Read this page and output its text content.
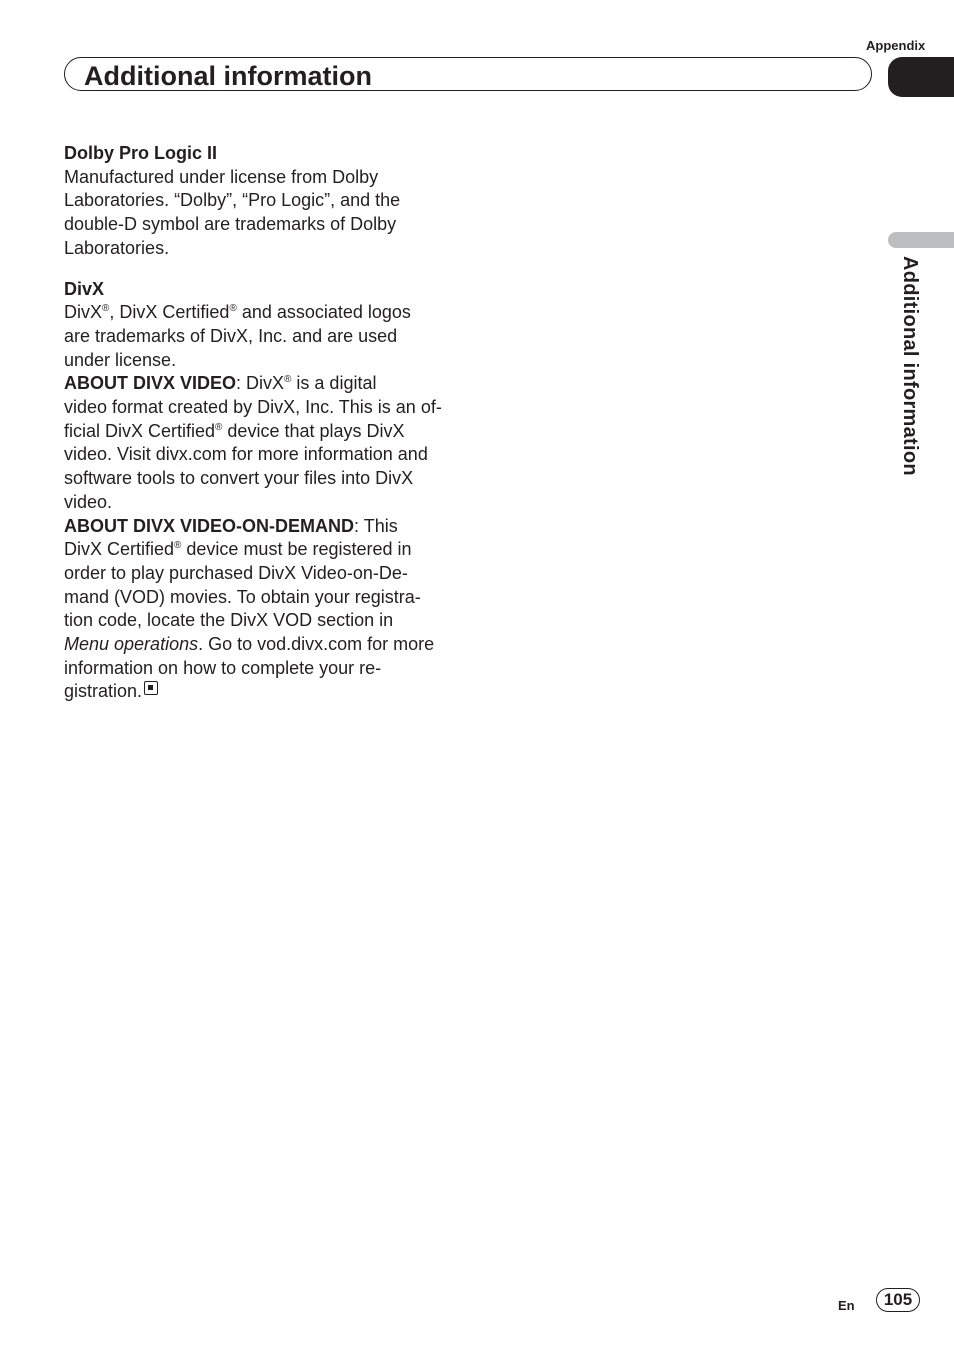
Appendix
Additional information
Additional information

Dolby Pro Logic II

Manufactured under license from Dolby
Laboratories. “Dolby”, “Pro Logic”, and the
double-D symbol are trademarks of Dolby
Laboratories.

DivX

DivX®, DivX Certified® and associated logos
are trademarks of DivX, Inc. and are used
under license.

ABOUT DIVX VIDEO: DivX® is a digital
video format created by DivX, Inc. This is an of-
ficial DivX Certified® device that plays DivX
video. Visit divx.com for more information and
software tools to convert your files into DivX
video.

ABOUT DIVX VIDEO-ON-DEMAND: This
DivX Certified® device must be registered in
order to play purchased DivX Video-on-De-
mand (VOD) movies. To obtain your registra-
tion code, locate the DivX VOD section in
Menu operations. Go to vod.divx.com for more
information on how to complete your re-
gistration.

En	105
